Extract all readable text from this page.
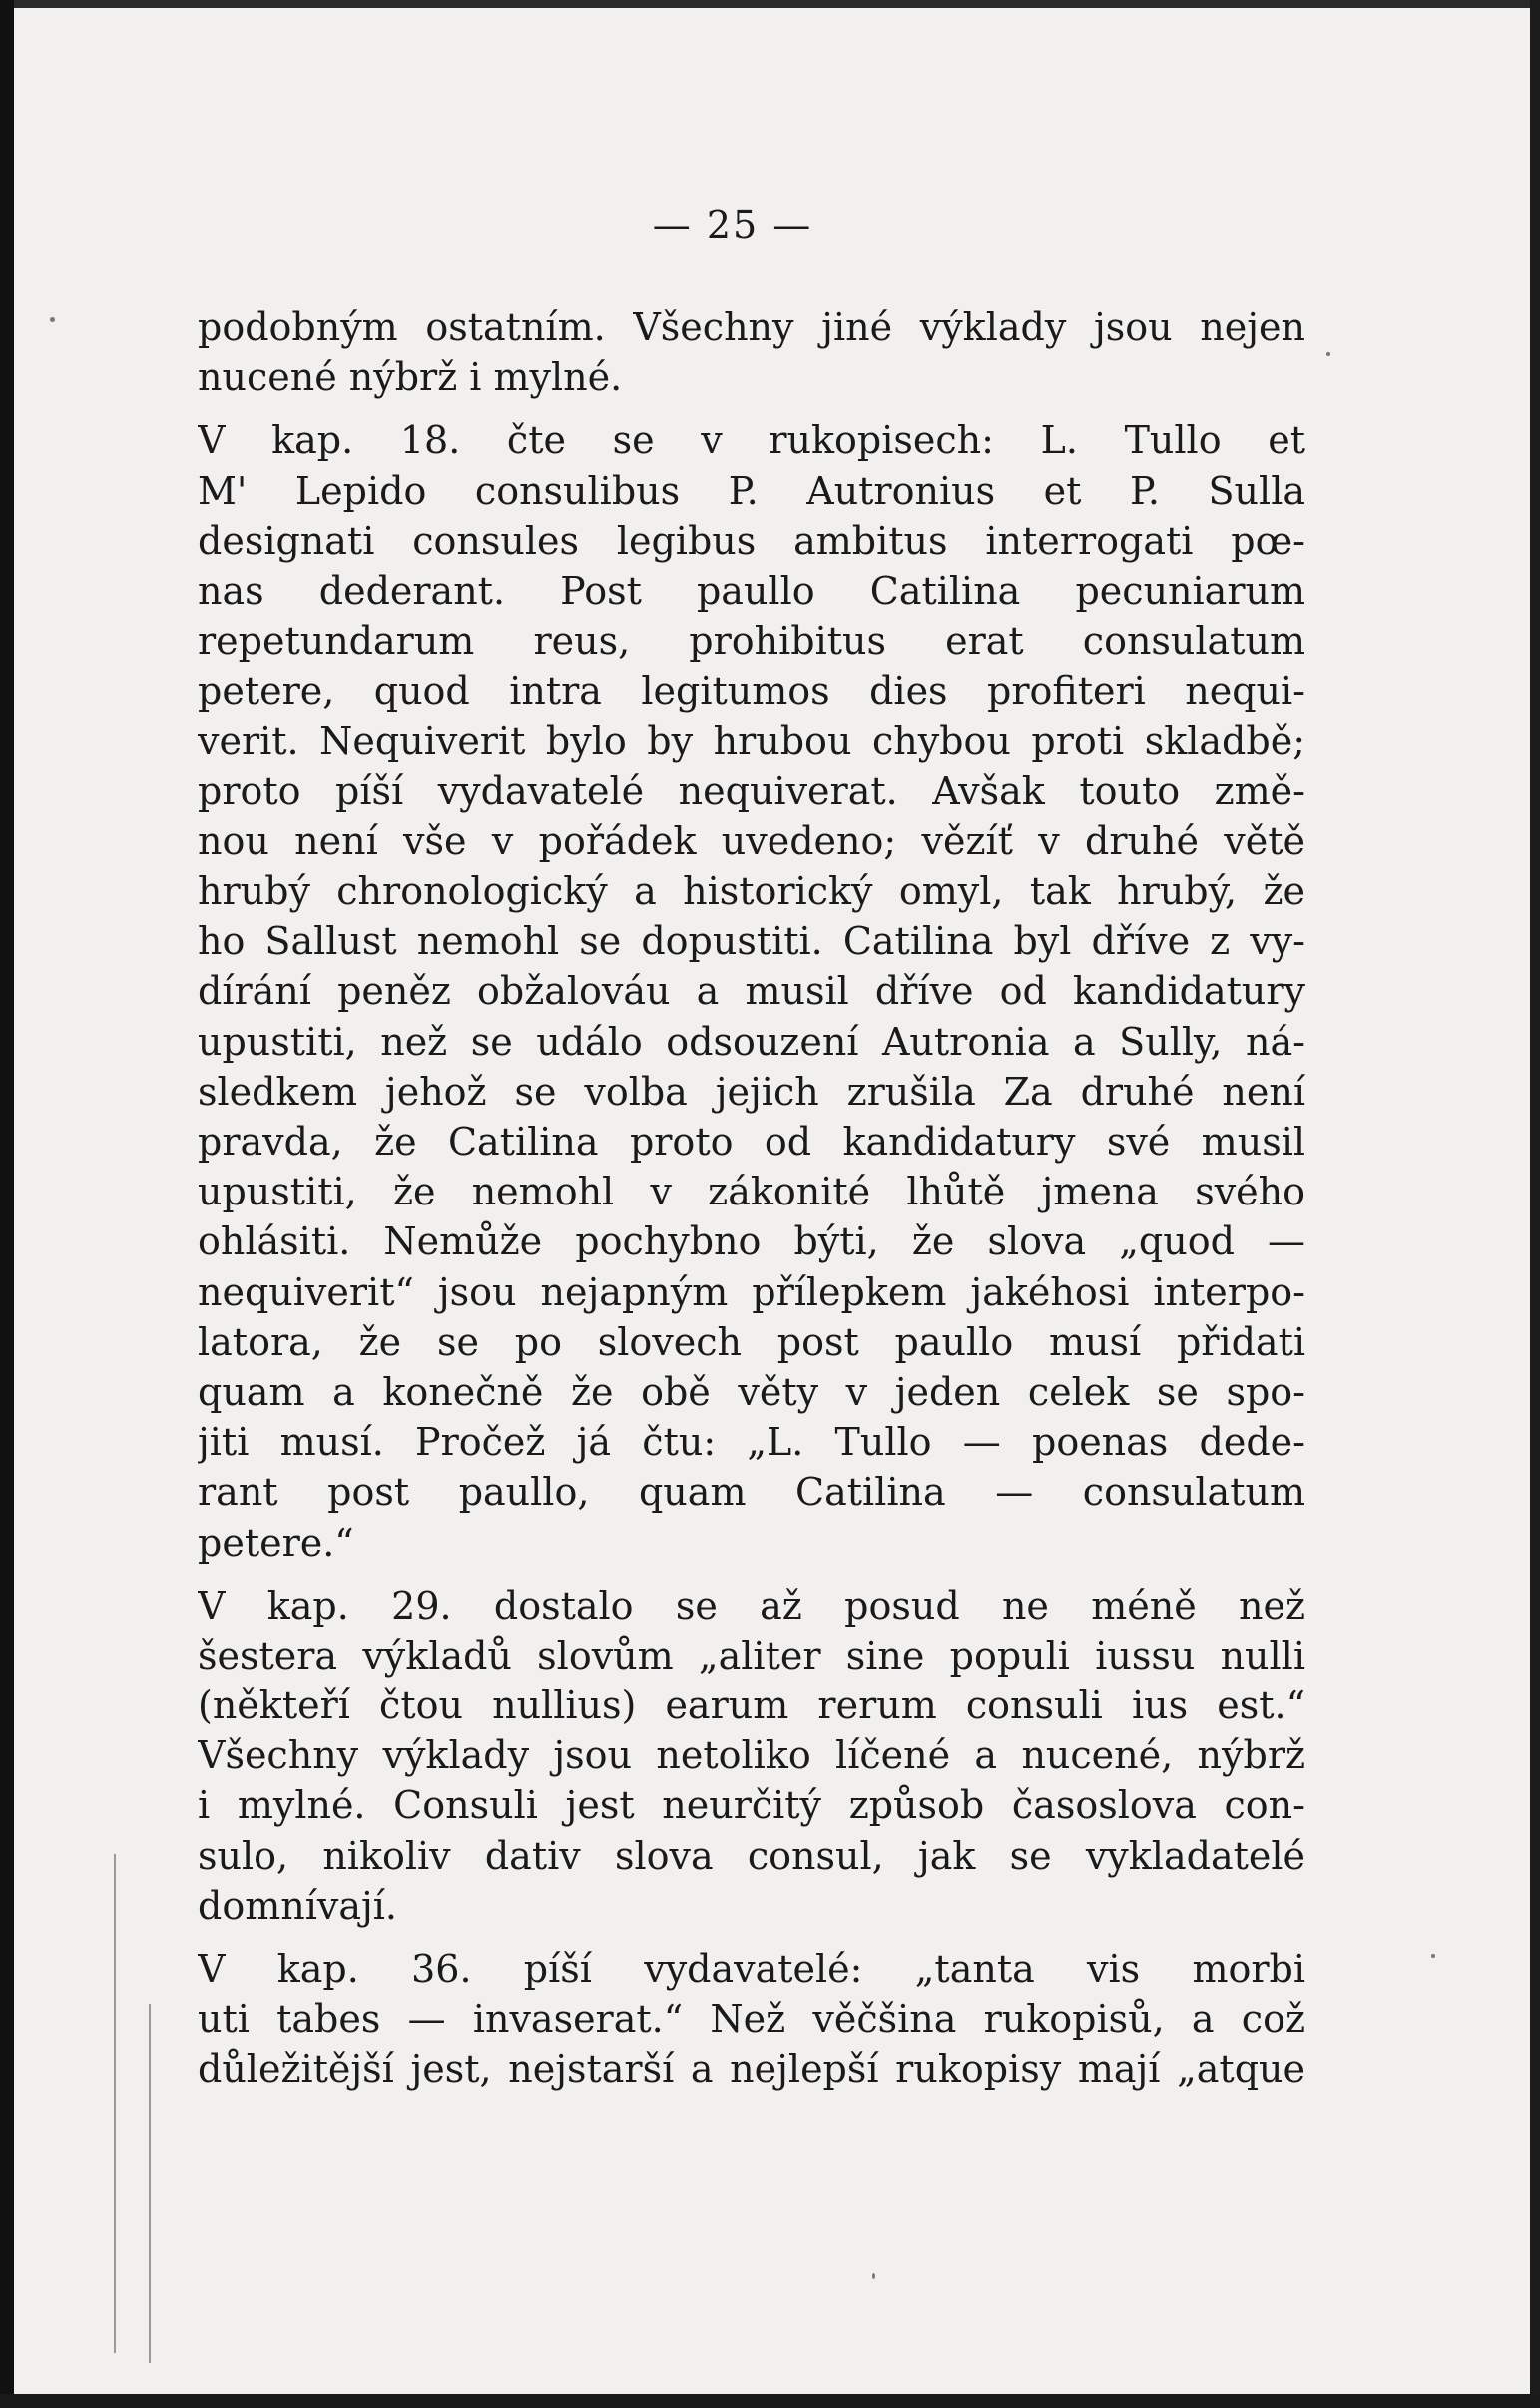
— 25 —
podobným ostatním. Všechny jiné výklady jsou nejen
nucené nýbrž i mylné.
V kap. 18. čte se v rukopisech: L. Tullo et
M' Lepido consulibus P. Autronius et P. Sulla
designati consules legibus ambitus interrogati pœ-
nas dederant. Post paullo Catilina pecuniarum
repetundarum reus, prohibitus erat consulatum
petere, quod intra legitumos dies profiteri nequi-
verit. Nequiverit bylo by hrubou chybou proti skladbě;
proto píší vydavatelé nequiverat. Avšak touto změ-
nou není vše v pořádek uvedeno; vězíť v druhé větě
hrubý chronologický a historický omyl, tak hrubý, že
ho Sallust nemohl se dopustiti. Catilina byl dříve z vy-
dírání peněz obžalováu a musil dříve od kandidatury
upustiti, než se událo odsouzení Autronia a Sully, ná-
sledkem jehož se volba jejich zrušila Za druhé není
pravda, že Catilina proto od kandidatury své musil
upustiti, že nemohl v zákonité lhůtě jmena svého
ohlásiti. Nemůže pochybno býti, že slova „quod —
nequiverit“ jsou nejapným přílepkem jakéhosi interpo-
latora, že se po slovech post paullo musí přidati
quam a konečně že obě věty v jeden celek se spo-
jiti musí. Pročež já čtu: „L. Tullo — poenas dede-
rant post paullo, quam Catilina — consulatum
petere.“
V kap. 29. dostalo se až posud ne méně než
šestera výkladů slovům „aliter sine populi iussu nulli
(někteří čtou nullius) earum rerum consuli ius est.“
Všechny výklady jsou netoliko líčené a nucené, nýbrž
i mylné. Consuli jest neurčitý způsob časoslova con-
sulo, nikoliv dativ slova consul, jak se vykladatelé
domnívají.
V kap. 36. píší vydavatelé: „tanta vis morbi
uti tabes — invaserat.“ Než věčšina rukopisů, a což
důležitější jest, nejstarší a nejlepší rukopisy mají „atque
